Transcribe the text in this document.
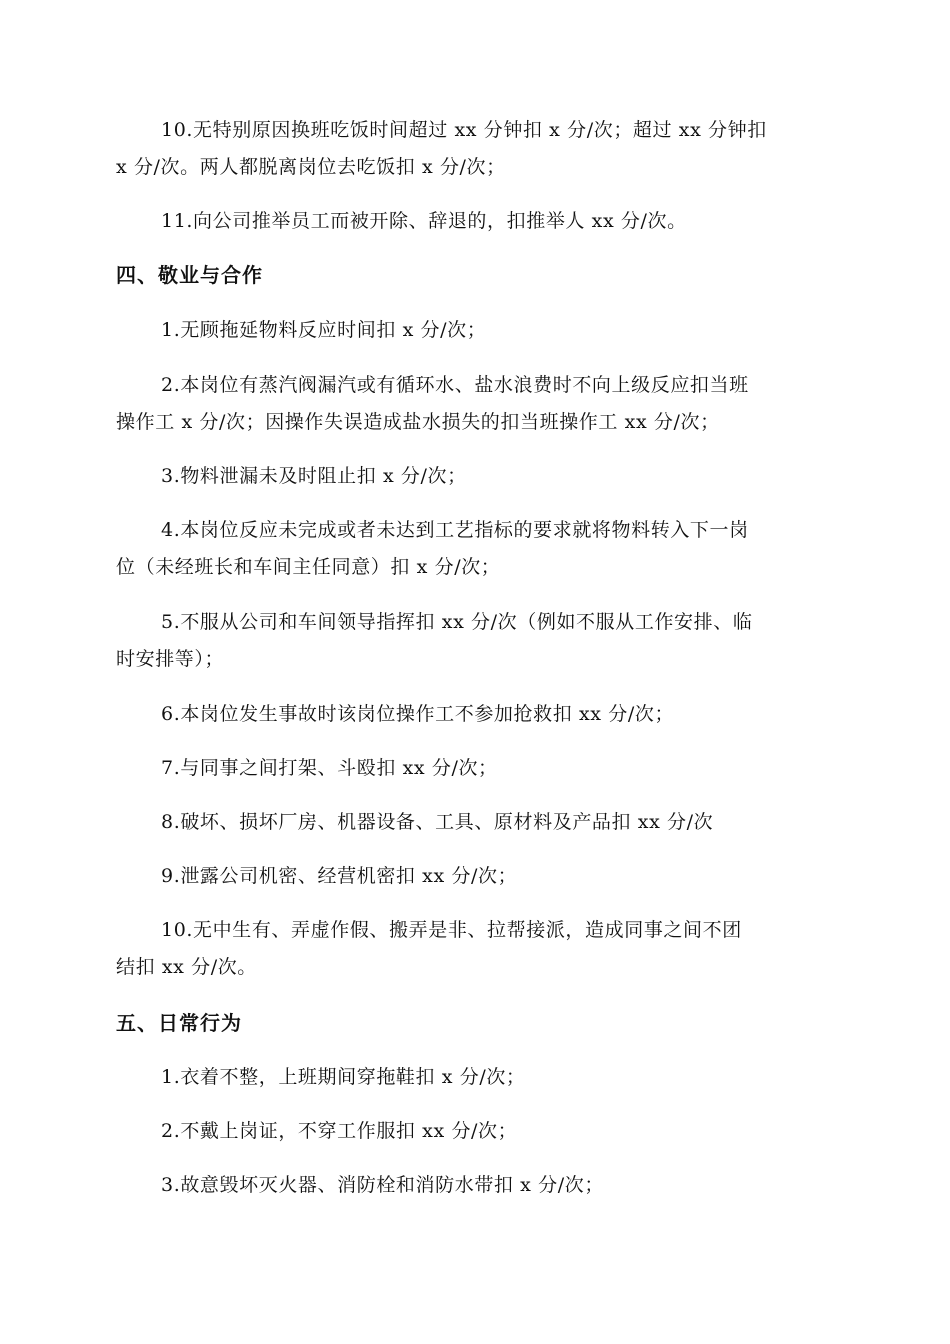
10.无特别原因换班吃饭时间超过 xx 分钟扣 x 分/次；超过 xx 分钟扣
x 分/次。两人都脱离岗位去吃饭扣 x 分/次；
11.向公司推举员工而被开除、辞退的，扣推举人 xx 分/次。
四、敬业与合作
1.无顾拖延物料反应时间扣 x 分/次；
2.本岗位有蒸汽阀漏汽或有循环水、盐水浪费时不向上级反应扣当班
操作工 x 分/次；因操作失误造成盐水损失的扣当班操作工 xx 分/次；
3.物料泄漏未及时阻止扣 x 分/次；
4.本岗位反应未完成或者未达到工艺指标的要求就将物料转入下一岗
位（未经班长和车间主任同意）扣 x 分/次；
5.不服从公司和车间领导指挥扣 xx 分/次（例如不服从工作安排、临
时安排等）；
6.本岗位发生事故时该岗位操作工不参加抢救扣 xx 分/次；
7.与同事之间打架、斗殴扣 xx 分/次；
8.破坏、损坏厂房、机器设备、工具、原材料及产品扣 xx 分/次
9.泄露公司机密、经营机密扣 xx 分/次；
10.无中生有、弄虚作假、搬弄是非、拉帮接派，造成同事之间不团
结扣 xx 分/次。
五、日常行为
1.衣着不整，上班期间穿拖鞋扣 x 分/次；
2.不戴上岗证，不穿工作服扣 xx 分/次；
3.故意毁坏灭火器、消防栓和消防水带扣 x 分/次；
